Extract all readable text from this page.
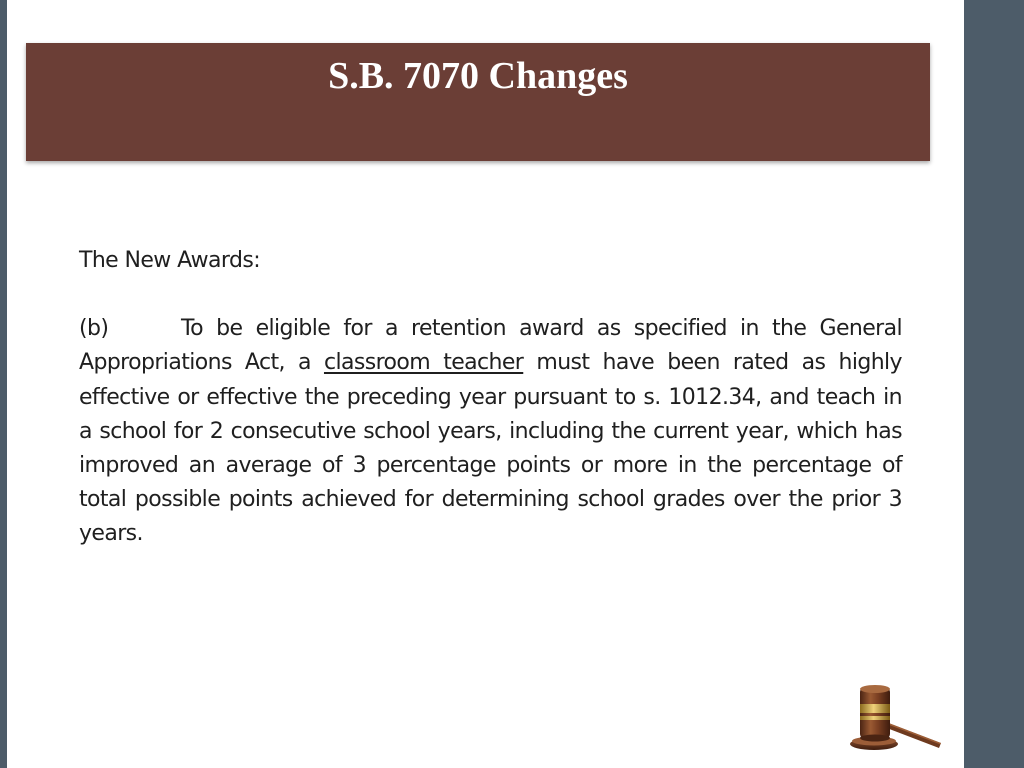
S.B. 7070 Changes

The New Awards:

(b)	To be eligible for a retention award as specified in the General Appropriations Act, a classroom teacher must have been rated as highly effective or effective the preceding year pursuant to s. 1012.34, and teach in a school for 2 consecutive school years, including the current year, which has improved an average of 3 percentage points or more in the percentage of total possible points achieved for determining school grades over the prior 3 years.
